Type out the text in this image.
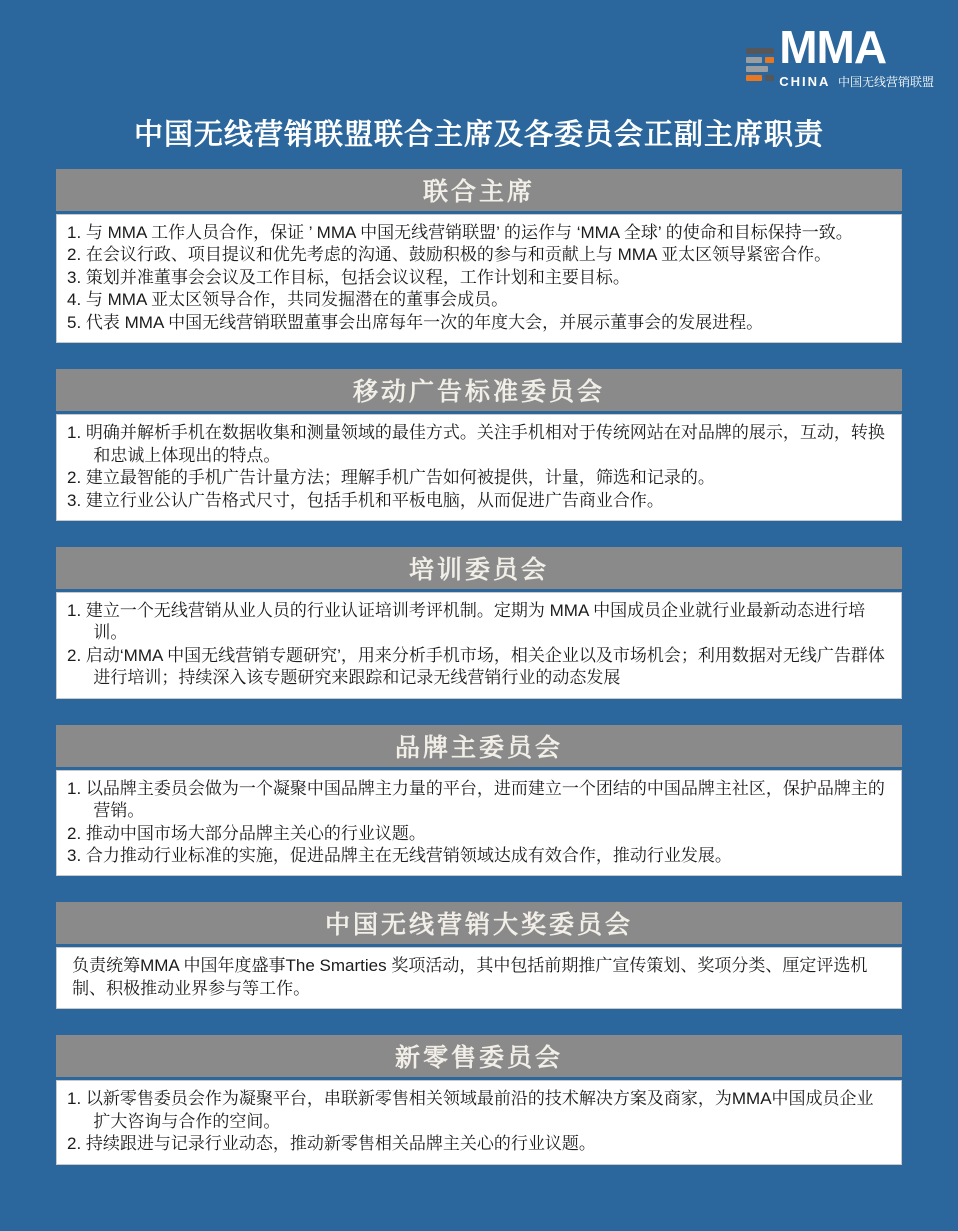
MMA
CHINA 中国无线营销联盟
中国无线营销联盟联合主席及各委员会正副主席职责
联合主席

1. 与 MMA 工作人员合作，保证 ’ MMA 中国无线营销联盟’ 的运作与 ‘MMA 全球’ 的使命和目标保持一致。

2. 在会议行政、项目提议和优先考虑的沟通、鼓励积极的参与和贡献上与 MMA 亚太区领导紧密合作。

3. 策划并准董事会会议及工作目标，包括会议议程，工作计划和主要目标。

4. 与 MMA 亚太区领导合作，共同发掘潜在的董事会成员。

5. 代表 MMA 中国无线营销联盟董事会出席每年一次的年度大会，并展示董事会的发展进程。

移动广告标准委员会

1. 明确并解析手机在数据收集和测量领域的最佳方式。关注手机相对于传统网站在对品牌的展示，互动，转换和忠诚上体现出的特点。

2. 建立最智能的手机广告计量方法；理解手机广告如何被提供，计量，筛选和记录的。

3. 建立行业公认广告格式尺寸，包括手机和平板电脑，从而促进广告商业合作。

培训委员会

1. 建立一个无线营销从业人员的行业认证培训考评机制。定期为 MMA 中国成员企业就行业最新动态进行培训。

2. 启动‘MMA 中国无线营销专题研究’，用来分析手机市场，相关企业以及市场机会；利用数据对无线广告群体进行培训；持续深入该专题研究来跟踪和记录无线营销行业的动态发展

品牌主委员会

1. 以品牌主委员会做为一个凝聚中国品牌主力量的平台，进而建立一个团结的中国品牌主社区，保护品牌主的营销。

2. 推动中国市场大部分品牌主关心的行业议题。

3. 合力推动行业标准的实施，促进品牌主在无线营销领域达成有效合作，推动行业发展。

中国无线营销大奖委员会

负责统筹MMA 中国年度盛事The Smarties 奖项活动，其中包括前期推广宣传策划、奖项分类、厘定评选机制、积极推动业界参与等工作。

新零售委员会

1. 以新零售委员会作为凝聚平台，串联新零售相关领域最前沿的技术解决方案及商家，为MMA中国成员企业扩大咨询与合作的空间。

2. 持续跟进与记录行业动态，推动新零售相关品牌主关心的行业议题。
